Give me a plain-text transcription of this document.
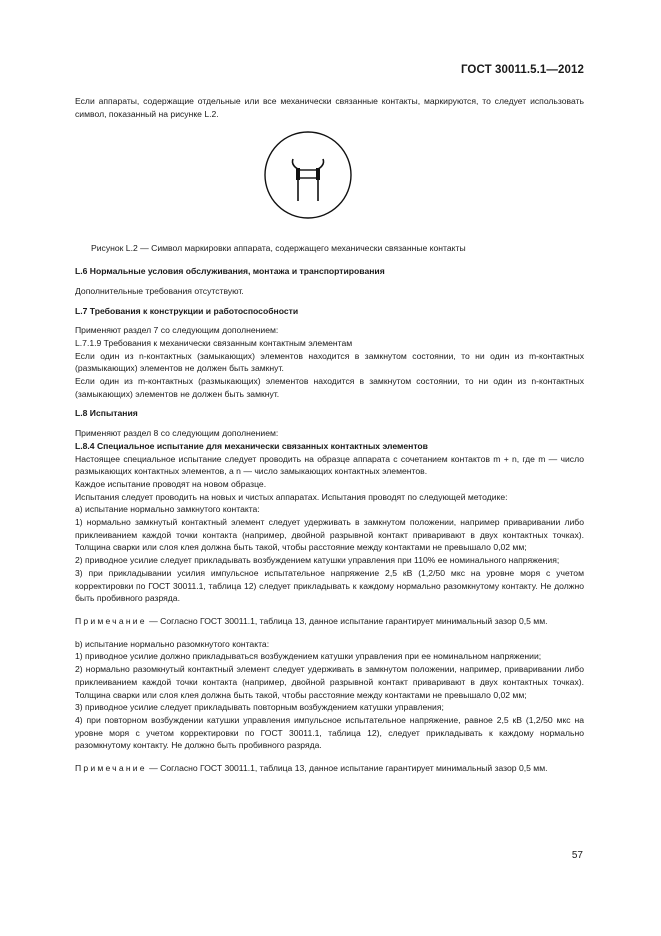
ГОСТ 30011.5.1—2012

Если аппараты, содержащие отдельные или все механически связанные контакты, маркируются, то следует использовать символ, показанный на рисунке L.2.

Рисунок L.2 — Символ маркировки аппарата, содержащего механически связанные контакты

L.6 Нормальные условия обслуживания, монтажа и транспортирования

Дополнительные требования отсутствуют.

L.7 Требования к конструкции и работоспособности

Применяют раздел 7 со следующим дополнением:

L.7.1.9 Требования к механически связанным контактным элементам

Если один из n-контактных (замыкающих) элементов находится в замкнутом состоянии, то ни один из m-контактных (размыкающих) элементов не должен быть замкнут.

Если один из m-контактных (размыкающих) элементов находится в замкнутом состоянии, то ни один из n-контактных (замыкающих) элементов не должен быть замкнут.

L.8 Испытания

Применяют раздел 8 со следующим дополнением:

L.8.4 Специальное испытание для механически связанных контактных элементов

Настоящее специальное испытание следует проводить на образце аппарата с сочетанием контактов m + n, где m — число размыкающих контактных элементов, a n — число замыкающих контактных элементов.

Каждое испытание проводят на новом образце.

Испытания следует проводить на новых и чистых аппаратах. Испытания проводят по следующей методике:

a) испытание нормально замкнутого контакта:

1) нормально замкнутый контактный элемент следует удерживать в замкнутом положении, например приваривании либо приклеиванием каждой точки контакта (например, двойной разрывной контакт приваривают в двух контактных точках). Толщина сварки или слоя клея должна быть такой, чтобы расстояние между контактами не превышало 0,02 мм;

2) приводное усилие следует прикладывать возбуждением катушки управления при 110% ее номинального напряжения;

3) при прикладывании усилия импульсное испытательное напряжение 2,5 кВ (1,2/50 мкс на уровне моря с учетом корректировки по ГОСТ 30011.1, таблица 12) следует прикладывать к каждому нормально разомкнутому контакту. Не должно быть пробивного разряда.

Примечание — Согласно ГОСТ 30011.1, таблица 13, данное испытание гарантирует минимальный зазор 0,5 мм.

b) испытание нормально разомкнутого контакта:

1) приводное усилие должно прикладываться возбуждением катушки управления при ее номинальном напряжении;

2) нормально разомкнутый контактный элемент следует удерживать в замкнутом положении, например, приваривании либо приклеиванием каждой точки контакта (например, двойной разрывной контакт приваривают в двух контактных точках). Толщина сварки или слоя клея должна быть такой, чтобы расстояние между контактами не превышало 0,02 мм;

3) приводное усилие следует прикладывать повторным возбуждением катушки управления;

4) при повторном возбуждении катушки управления импульсное испытательное напряжение, равное 2,5 кВ (1,2/50 мкс на уровне моря с учетом корректировки по ГОСТ 30011.1, таблица 12), следует прикладывать к каждому нормально разомкнутому контакту. Не должно быть пробивного разряда.

Примечание — Согласно ГОСТ 30011.1, таблица 13, данное испытание гарантирует минимальный зазор 0,5 мм.

57
